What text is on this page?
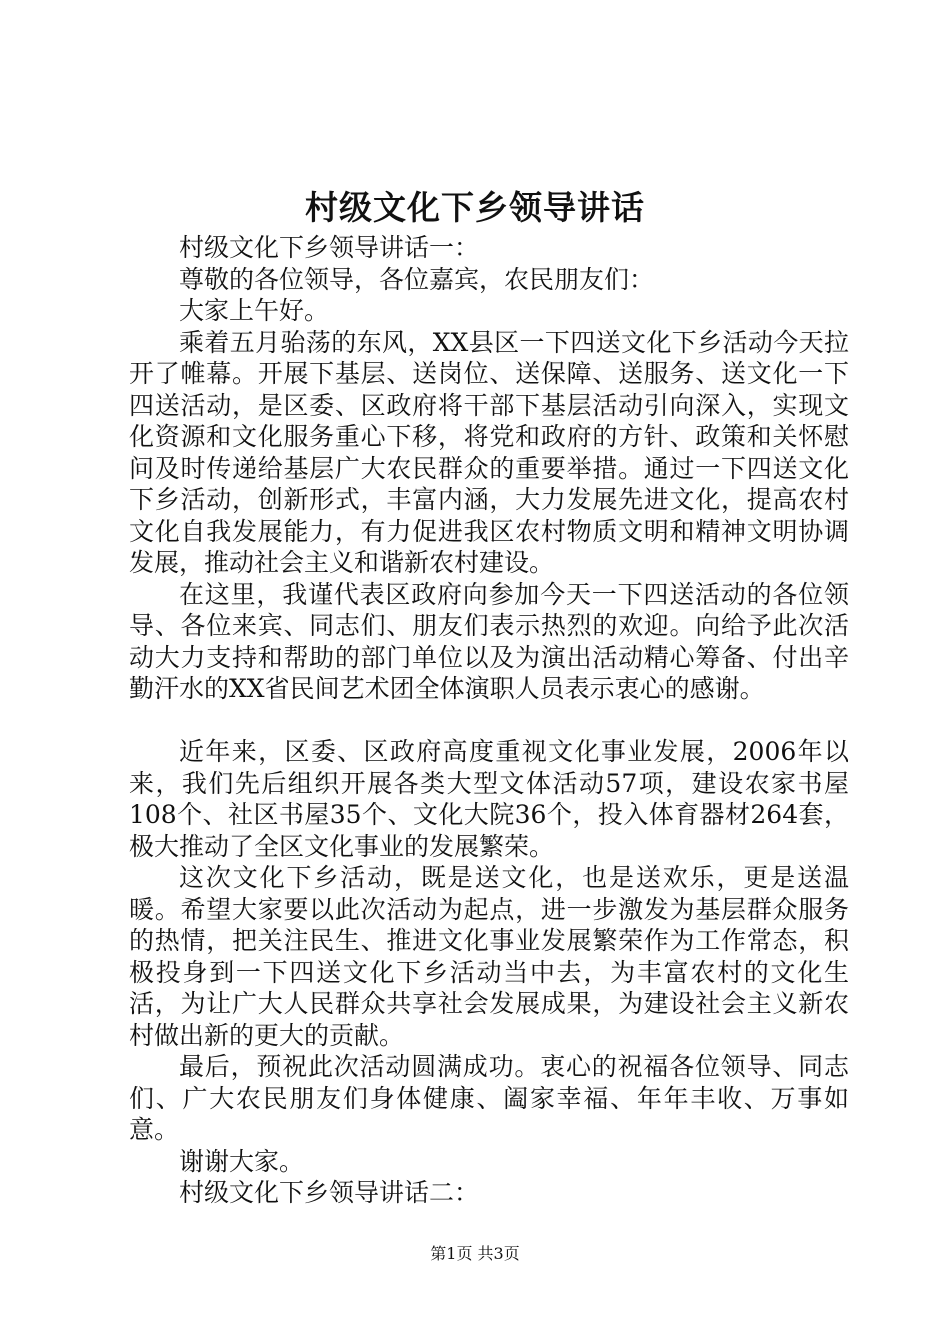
村级文化下乡领导讲话

村级文化下乡领导讲话一：

尊敬的各位领导，各位嘉宾，农民朋友们：

大家上午好。

乘着五月骀荡的东风，XX县区一下四送文化下乡活动今天拉开了帷幕。开展下基层、送岗位、送保障、送服务、送文化一下四送活动，是区委、区政府将干部下基层活动引向深入，实现文化资源和文化服务重心下移，将党和政府的方针、政策和关怀慰问及时传递给基层广大农民群众的重要举措。通过一下四送文化下乡活动，创新形式，丰富内涵，大力发展先进文化，提高农村文化自我发展能力，有力促进我区农村物质文明和精神文明协调发展，推动社会主义和谐新农村建设。

在这里，我谨代表区政府向参加今天一下四送活动的各位领导、各位来宾、同志们、朋友们表示热烈的欢迎。向给予此次活动大力支持和帮助的部门单位以及为演出活动精心筹备、付出辛勤汗水的XX省民间艺术团全体演职人员表示衷心的感谢。

近年来，区委、区政府高度重视文化事业发展，2006年以来，我们先后组织开展各类大型文体活动57项，建设农家书屋108个、社区书屋35个、文化大院36个，投入体育器材264套，极大推动了全区文化事业的发展繁荣。

这次文化下乡活动，既是送文化，也是送欢乐，更是送温暖。希望大家要以此次活动为起点，进一步激发为基层群众服务的热情，把关注民生、推进文化事业发展繁荣作为工作常态，积极投身到一下四送文化下乡活动当中去，为丰富农村的文化生活，为让广大人民群众共享社会发展成果，为建设社会主义新农村做出新的更大的贡献。

最后，预祝此次活动圆满成功。衷心的祝福各位领导、同志们、广大农民朋友们身体健康、阖家幸福、年年丰收、万事如意。

谢谢大家。

村级文化下乡领导讲话二：

第1页 共3页
